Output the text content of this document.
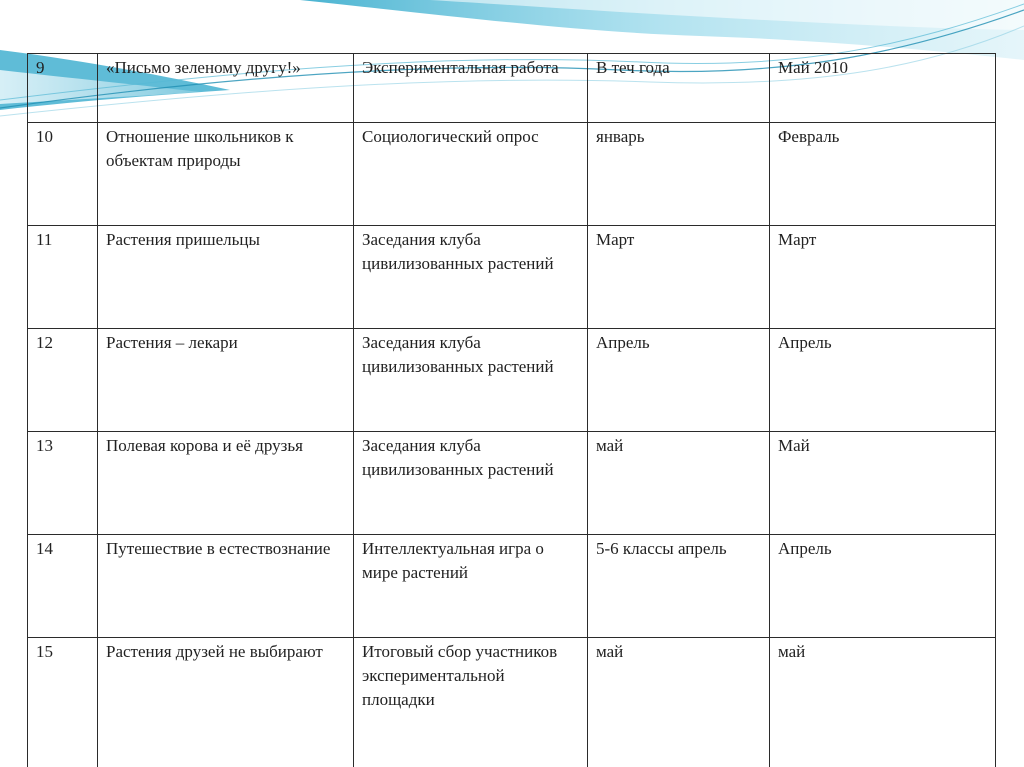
9	«Письмо зеленому другу!»	Экспериментальная работа	В теч года	Май 2010
10	Отношение школьников к объектам природы	Социологический опрос	январь	Февраль
11	Растения пришельцы	Заседания клуба цивилизованных растений	Март	Март
12	Растения – лекари	Заседания клуба цивилизованных растений	Апрель	Апрель
13	Полевая корова и её друзья	Заседания клуба цивилизованных растений	май	Май
14	Путешествие в естествознание	Интеллектуальная игра о мире растений	5-6 классы апрель	Апрель
15	Растения друзей не выбирают	Итоговый сбор участников экспериментальной площадки	май	май
